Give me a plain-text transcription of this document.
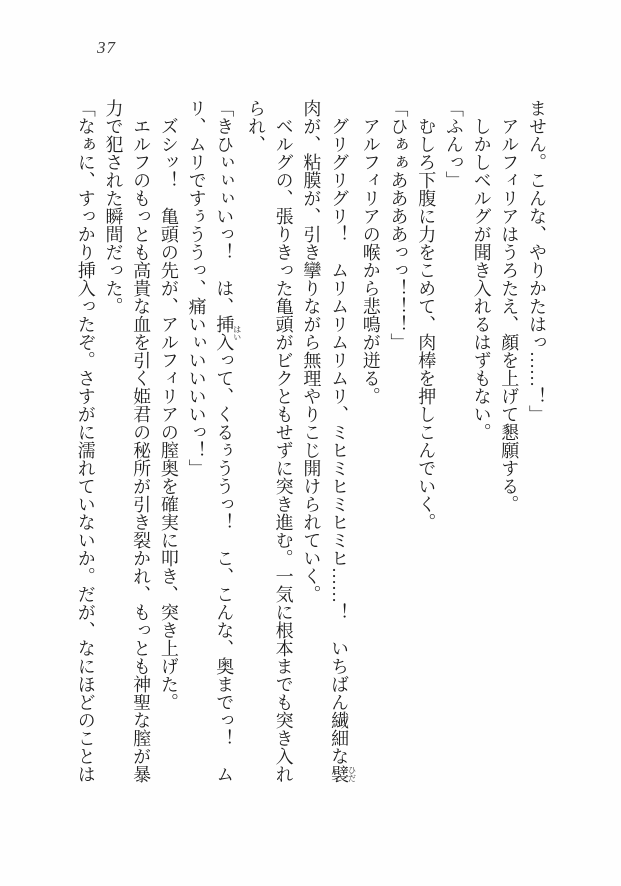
37

ません。こんな、やりかたはっ……！」

アルフィリアはうろたえ、顔を上げて懇願する。

しかしベルグが聞き入れるはずもない。

「ふんっ」

むしろ下腹に力をこめて、肉棒を押しこんでいく。

「ひぁぁああああっっ！！！」

アルフィリアの喉から悲鳴が迸る。

グリグリグリ！　ムリムリムリムリ、ミヒミヒミヒミヒ……！　いちばん繊細な襞ひだ

肉が、粘膜が、引き攣りながら無理やりこじ開けられていく。

ベルグの、張りきった亀頭がビクともせずに突き進む。一気に根本までも突き入れ

られ、

「きひぃぃぃいっ！　は、挿入はいって、くるぅううっ！　こ、こんな、奥までっ！　ム

リ、ムリですぅううっ、痛いぃいいいいっ！」

ズシッ！　亀頭の先が、アルフィリアの膣奥を確実に叩き、突き上げた。

エルフのもっとも高貴な血を引く姫君の秘所が引き裂かれ、もっとも神聖な膣が暴

力で犯された瞬間だった。

「なぁに、すっかり挿入ったぞ。さすがに濡れていないか。だが、なにほどのことは
